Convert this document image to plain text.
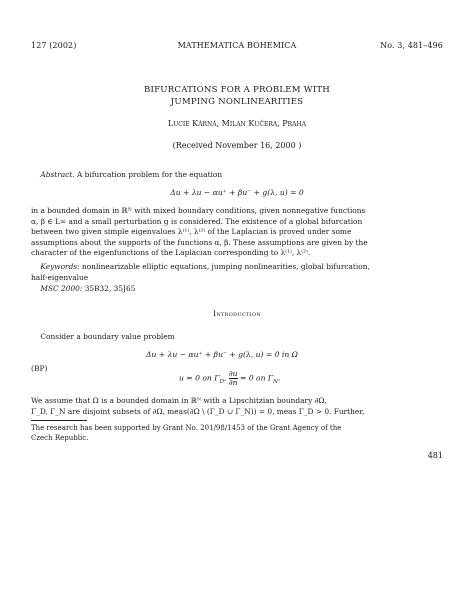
127 (2002)	MATHEMATICA BOHEMICA	No. 3, 481–496
BIFURCATIONS FOR A PROBLEM WITH
JUMPING NONLINEARITIES
Lucie Kárná, Milan Kučera, Praha
(Received November 16, 2000 )
Abstract. A bifurcation problem for the equation
Δu + λu − αu⁺ + βu⁻ + g(λ, u) = 0
in a bounded domain in ℝᴺ with mixed boundary conditions, given nonnegative functions
α, β ∈ L∞ and a small perturbation g is considered. The existence of a global bifurcation
between two given simple eigenvalues λ⁽¹⁾, λ⁽²⁾ of the Laplacian is proved under some
assumptions about the supports of the functions α, β. These assumptions are given by the
character of the eigenfunctions of the Laplacian corresponding to λ⁽¹⁾, λ⁽²⁾.
Keywords: nonlinearizable elliptic equations, jumping nonlinearities, global bifurcation,
half-eigenvalue
MSC 2000: 35B32, 35J65
Introduction
Consider a boundary value problem
(BP)
Δu + λu − αu⁺ + βu⁻ + g(λ, u) = 0 in Ω
u = 0 on $\Gamma_D$, $\frac{\partial u}{\partial n} = 0$ on $\Gamma_N$.
We assume that Ω is a bounded domain in ℝᴺ with a Lipschitzian boundary ∂Ω,
Γ_D, Γ_N are disjoint subsets of ∂Ω, meas(∂Ω \ (Γ_D ∪ Γ_N)) = 0, meas Γ_D > 0. Further,
The research has been supported by Grant No. 201/98/1453 of the Grant Agency of the
Czech Republic.
481
